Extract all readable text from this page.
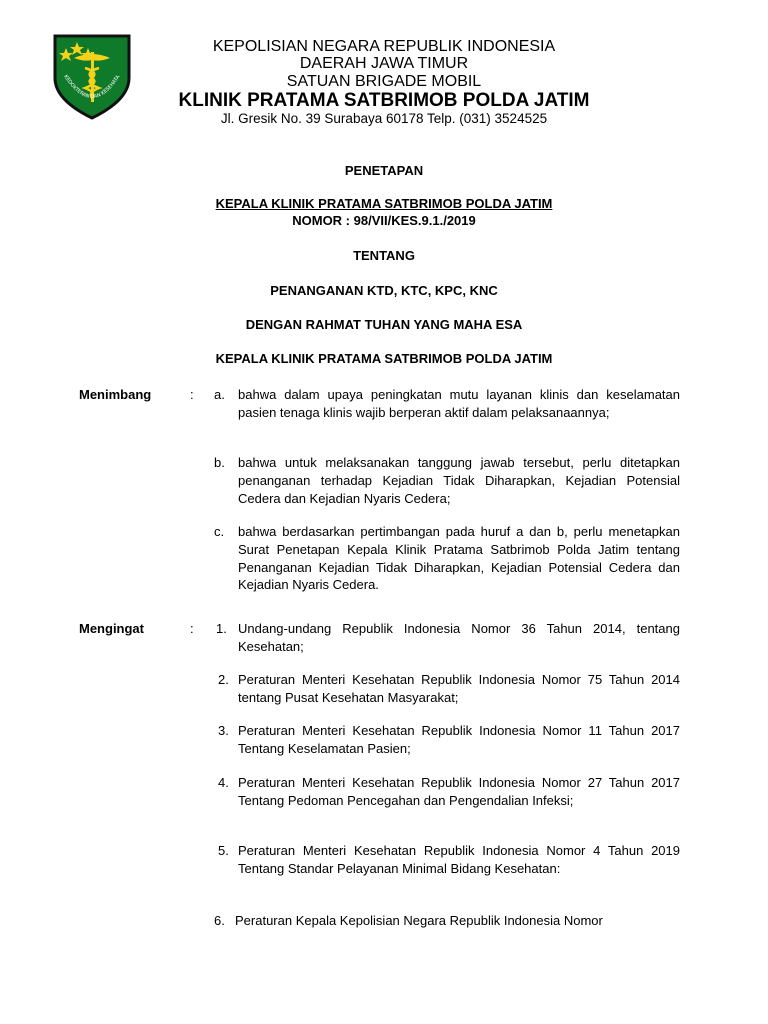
KEDOKTERAN DAN KESEHATA
KEPOLISIAN NEGARA REPUBLIK INDONESIA
DAERAH JAWA TIMUR
SATUAN BRIGADE MOBIL
KLINIK PRATAMA SATBRIMOB POLDA JATIM
Jl. Gresik No. 39 Surabaya 60178 Telp. (031) 3524525
PENETAPAN
KEPALA KLINIK PRATAMA SATBRIMOB POLDA JATIM
NOMOR : 98/VII/KES.9.1./2019
TENTANG
PENANGANAN KTD, KTC, KPC, KNC
DENGAN RAHMAT TUHAN YANG MAHA ESA
KEPALA KLINIK PRATAMA SATBRIMOB POLDA JATIM
Menimbang	: a. bahwa dalam upaya peningkatan mutu layanan klinis dan keselamatan pasien tenaga klinis wajib berperan aktif dalam pelaksanaannya;
b. bahwa untuk melaksanakan tanggung jawab tersebut, perlu ditetapkan penanganan terhadap Kejadian Tidak Diharapkan, Kejadian Potensial Cedera dan Kejadian Nyaris Cedera;
c. bahwa berdasarkan pertimbangan pada huruf a dan b, perlu menetapkan Surat Penetapan Kepala Klinik Pratama Satbrimob Polda Jatim tentang Penanganan Kejadian Tidak Diharapkan, Kejadian Potensial Cedera dan Kejadian Nyaris Cedera.
Mengingat	: 1. Undang-undang Republik Indonesia Nomor 36 Tahun 2014, tentang Kesehatan;
2. Peraturan Menteri Kesehatan Republik Indonesia Nomor 75 Tahun 2014 tentang Pusat Kesehatan Masyarakat;
3. Peraturan Menteri Kesehatan Republik Indonesia Nomor 11 Tahun 2017 Tentang Keselamatan Pasien;
4. Peraturan Menteri Kesehatan Republik Indonesia Nomor 27 Tahun 2017 Tentang Pedoman Pencegahan dan Pengendalian Infeksi;
5. Peraturan Menteri Kesehatan Republik Indonesia Nomor 4 Tahun 2019 Tentang Standar Pelayanan Minimal Bidang Kesehatan:
6. Peraturan Kepala Kepolisian Negara Republik Indonesia Nomor
